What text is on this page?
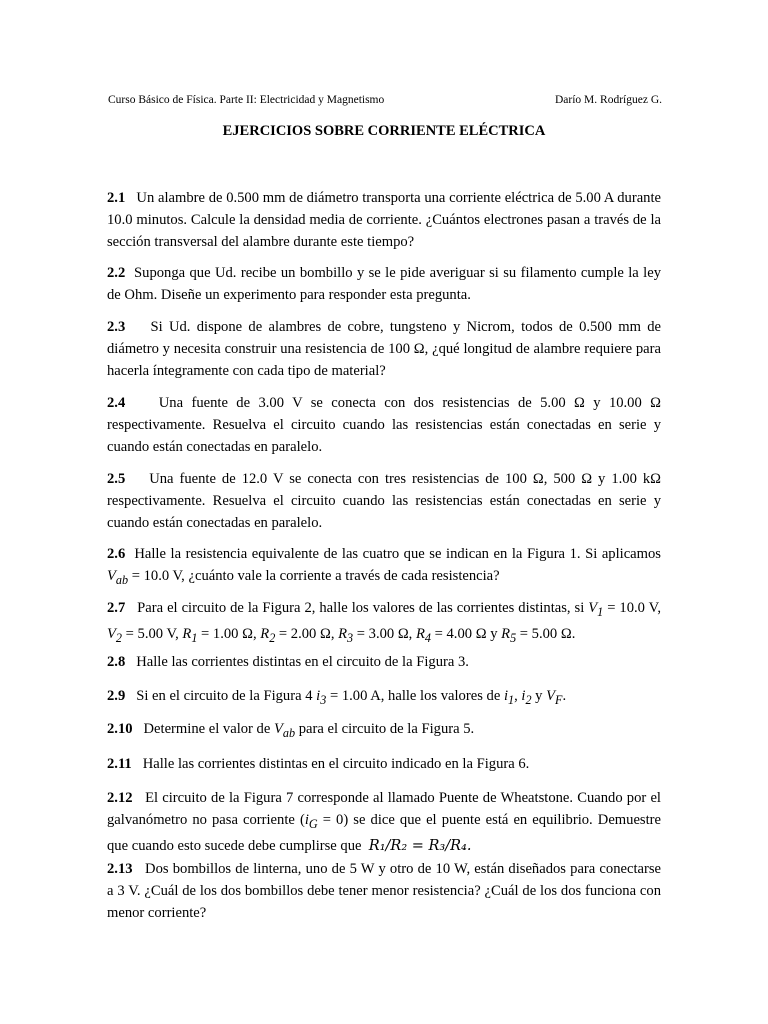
Curso Básico de Física. Parte II: Electricidad y Magnetismo	Darío M. Rodríguez G.
EJERCICIOS SOBRE CORRIENTE ELÉCTRICA

2.1 Un alambre de 0.500 mm de diámetro transporta una corriente eléctrica de 5.00 A durante 10.0 minutos. Calcule la densidad media de corriente. ¿Cuántos electrones pasan a través de la sección transversal del alambre durante este tiempo?

2.2 Suponga que Ud. recibe un bombillo y se le pide averiguar si su filamento cumple la ley de Ohm. Diseñe un experimento para responder esta pregunta.

2.3 Si Ud. dispone de alambres de cobre, tungsteno y Nicrom, todos de 0.500 mm de diámetro y necesita construir una resistencia de 100 Ω, ¿qué longitud de alambre requiere para hacerla íntegramente con cada tipo de material?

2.4 Una fuente de 3.00 V se conecta con dos resistencias de 5.00 Ω y 10.00 Ω respectivamente. Resuelva el circuito cuando las resistencias están conectadas en serie y cuando están conectadas en paralelo.

2.5 Una fuente de 12.0 V se conecta con tres resistencias de 100 Ω, 500 Ω y 1.00 kΩ respectivamente. Resuelva el circuito cuando las resistencias están conectadas en serie y cuando están conectadas en paralelo.

2.6 Halle la resistencia equivalente de las cuatro que se indican en la Figura 1. Si aplicamos $V_{ab} = 10.0$ V, ¿cuánto vale la corriente a través de cada resistencia?

2.7 Para el circuito de la Figura 2, halle los valores de las corrientes distintas, si $V_1 = 10.0$ V, $V_2 = 5.00$ V, $R_1 = 1.00$ Ω, $R_2 = 2.00$ Ω, $R_3 = 3.00$ Ω, $R_4 = 4.00$ Ω y $R_5 = 5.00$ Ω.

2.8 Halle las corrientes distintas en el circuito de la Figura 3.

2.9 Si en el circuito de la Figura 4 $i_3 = 1.00$ A, halle los valores de $i_1$, $i_2$ y $V_F$.

2.10 Determine el valor de $V_{ab}$ para el circuito de la Figura 5.

2.11 Halle las corrientes distintas en el circuito indicado en la Figura 6.

2.12 El circuito de la Figura 7 corresponde al llamado Puente de Wheatstone. Cuando por el galvanómetro no pasa corriente $(i_G = 0)$ se dice que el puente está en equilibrio. Demuestre que cuando esto sucede debe cumplirse que  R₁/R₂ = R₃/R₄.

2.13 Dos bombillos de linterna, uno de 5 W y otro de 10 W, están diseñados para conectarse a 3 V. ¿Cuál de los dos bombillos debe tener menor resistencia? ¿Cuál de los dos funciona con menor corriente?
